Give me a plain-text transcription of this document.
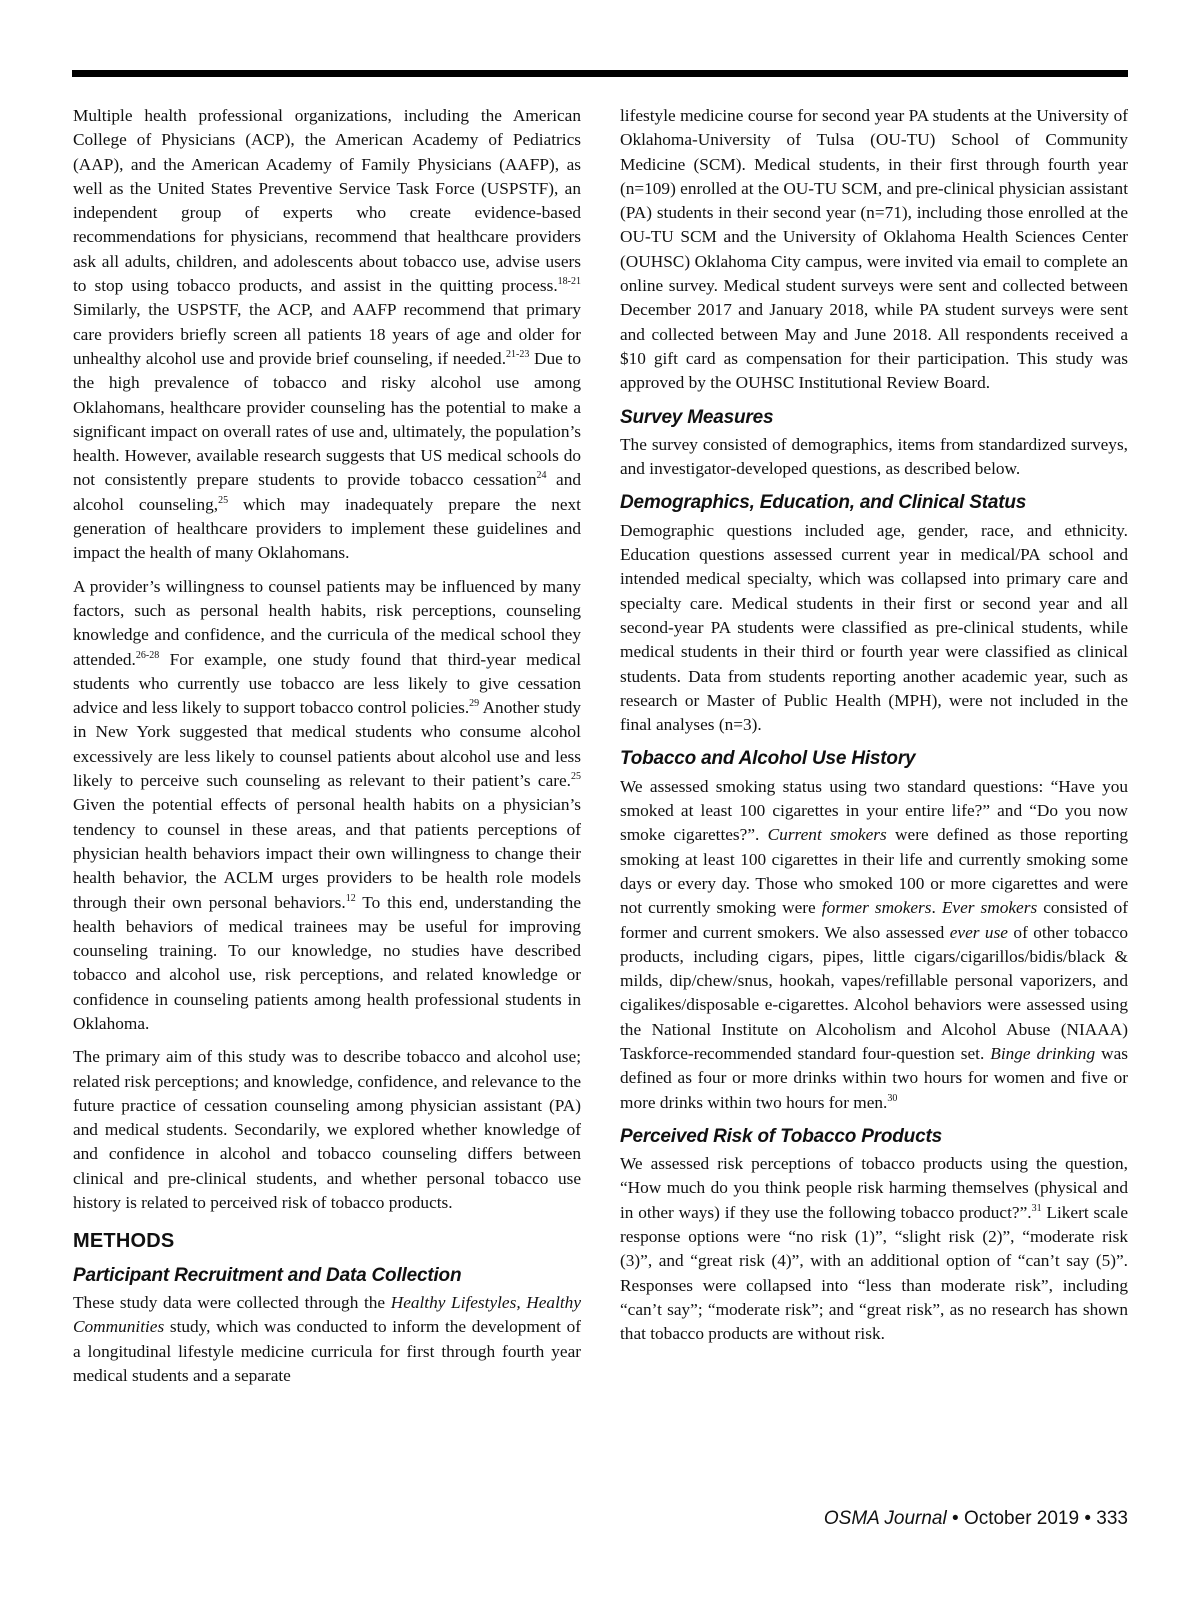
Multiple health professional organizations, including the American College of Physicians (ACP), the American Academy of Pediatrics (AAP), and the American Academy of Family Physicians (AAFP), as well as the United States Preventive Service Task Force (USPSTF), an independent group of experts who create evidence-based recommendations for physicians, recommend that healthcare providers ask all adults, children, and adolescents about tobacco use, advise users to stop using tobacco products, and assist in the quitting process.$^{18-21}$ Similarly, the USPSTF, the ACP, and AAFP recommend that primary care providers briefly screen all patients 18 years of age and older for unhealthy alcohol use and provide brief counseling, if needed.$^{21-23}$ Due to the high prevalence of tobacco and risky alcohol use among Oklahomans, healthcare provider counseling has the potential to make a significant impact on overall rates of use and, ultimately, the population’s health. However, available research suggests that US medical schools do not consistently prepare students to provide tobacco cessation$^{24}$ and alcohol counseling,$^{25}$ which may inadequately prepare the next generation of healthcare providers to implement these guidelines and impact the health of many Oklahomans.

A provider’s willingness to counsel patients may be influenced by many factors, such as personal health habits, risk perceptions, counseling knowledge and confidence, and the curricula of the medical school they attended.$^{26-28}$ For example, one study found that third-year medical students who currently use tobacco are less likely to give cessation advice and less likely to support tobacco control policies.$^{29}$ Another study in New York suggested that medical students who consume alcohol excessively are less likely to counsel patients about alcohol use and less likely to perceive such counseling as relevant to their patient’s care.$^{25}$ Given the potential effects of personal health habits on a physician’s tendency to counsel in these areas, and that patients perceptions of physician health behaviors impact their own willingness to change their health behavior, the ACLM urges providers to be health role models through their own personal behaviors.$^{12}$ To this end, understanding the health behaviors of medical trainees may be useful for improving counseling training. To our knowledge, no studies have described tobacco and alcohol use, risk perceptions, and related knowledge or confidence in counseling patients among health professional students in Oklahoma.

The primary aim of this study was to describe tobacco and alcohol use; related risk perceptions; and knowledge, confidence, and relevance to the future practice of cessation counseling among physician assistant (PA) and medical students. Secondarily, we explored whether knowledge of and confidence in alcohol and tobacco counseling differs between clinical and pre-clinical students, and whether personal tobacco use history is related to perceived risk of tobacco products.

METHODS
Participant Recruitment and Data Collection

These study data were collected through the Healthy Lifestyles, Healthy Communities study, which was conducted to inform the development of a longitudinal lifestyle medicine curricula for first through fourth year medical students and a separate

lifestyle medicine course for second year PA students at the University of Oklahoma-University of Tulsa (OU-TU) School of Community Medicine (SCM). Medical students, in their first through fourth year (n=109) enrolled at the OU-TU SCM, and pre-clinical physician assistant (PA) students in their second year (n=71), including those enrolled at the OU-TU SCM and the University of Oklahoma Health Sciences Center (OUHSC) Oklahoma City campus, were invited via email to complete an online survey. Medical student surveys were sent and collected between December 2017 and January 2018, while PA student surveys were sent and collected between May and June 2018. All respondents received a $10 gift card as compensation for their participation. This study was approved by the OUHSC Institutional Review Board.

Survey Measures

The survey consisted of demographics, items from standardized surveys, and investigator-developed questions, as described below.

Demographics, Education, and Clinical Status

Demographic questions included age, gender, race, and ethnicity. Education questions assessed current year in medical/PA school and intended medical specialty, which was collapsed into primary care and specialty care. Medical students in their first or second year and all second-year PA students were classified as pre-clinical students, while medical students in their third or fourth year were classified as clinical students. Data from students reporting another academic year, such as research or Master of Public Health (MPH), were not included in the final analyses (n=3).

Tobacco and Alcohol Use History

We assessed smoking status using two standard questions: “Have you smoked at least 100 cigarettes in your entire life?” and “Do you now smoke cigarettes?”. Current smokers were defined as those reporting smoking at least 100 cigarettes in their life and currently smoking some days or every day. Those who smoked 100 or more cigarettes and were not currently smoking were former smokers. Ever smokers consisted of former and current smokers. We also assessed ever use of other tobacco products, including cigars, pipes, little cigars/cigarillos/bidis/black & milds, dip/chew/snus, hookah, vapes/refillable personal vaporizers, and cigalikes/disposable e-cigarettes. Alcohol behaviors were assessed using the National Institute on Alcoholism and Alcohol Abuse (NIAAA) Taskforce-recommended standard four-question set. Binge drinking was defined as four or more drinks within two hours for women and five or more drinks within two hours for men.$^{30}$

Perceived Risk of Tobacco Products

We assessed risk perceptions of tobacco products using the question, “How much do you think people risk harming themselves (physical and in other ways) if they use the following tobacco product?”.$^{31}$ Likert scale response options were “no risk (1)”, “slight risk (2)”, “moderate risk (3)”, and “great risk (4)”, with an additional option of “can’t say (5)”. Responses were collapsed into “less than moderate risk”, including “can’t say”; “moderate risk”; and “great risk”, as no research has shown that tobacco products are without risk.

OSMA Journal • October 2019 • 333
